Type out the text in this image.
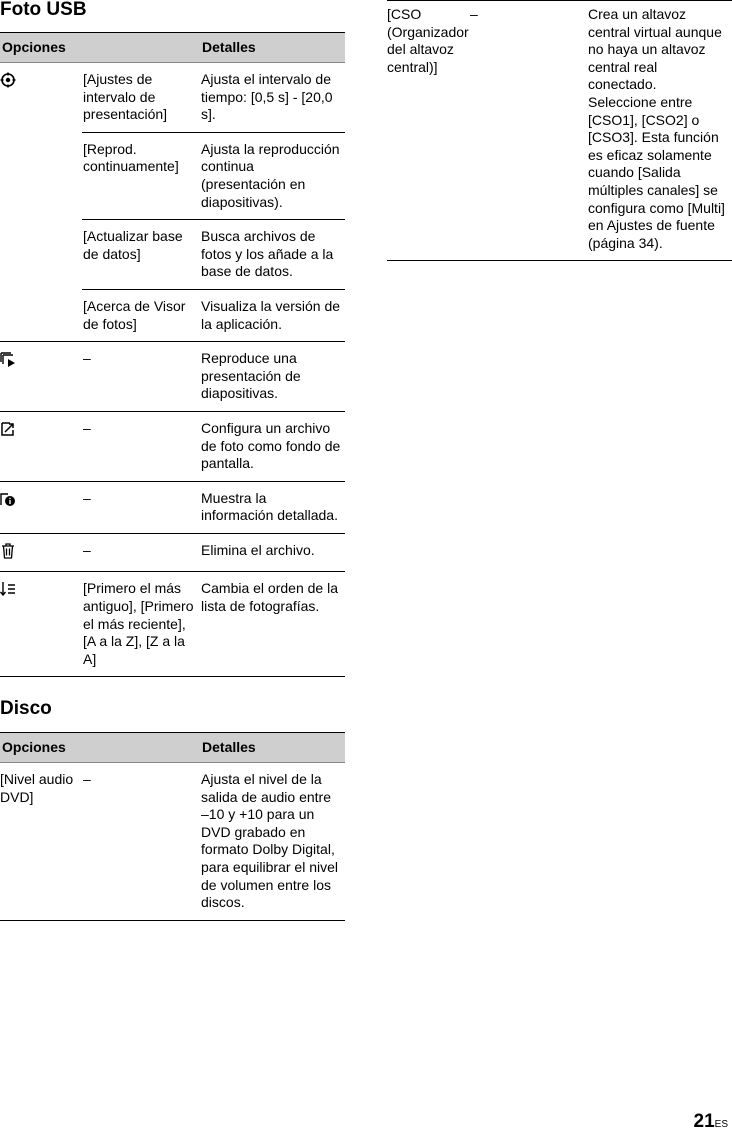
Foto USB
Opciones		Detalles

	[Ajustes de intervalo de presentación]	Ajusta el intervalo de tiempo: [0,5 s] - [20,0 s].
	[Reprod. continuamente]	Ajusta la reproducción continua (presentación en diapositivas).
	[Actualizar base de datos]	Busca archivos de fotos y los añade a la base de datos.
	[Acerca de Visor de fotos]	Visualiza la versión de la aplicación.

	–	Reproduce una presentación de diapositivas.

	–	Configura un archivo de foto como fondo de pantalla.

	–	Muestra la información detallada.

	–	Elimina el archivo.

	[Primero el más antiguo], [Primero el más reciente], [A a la Z], [Z a la A]	Cambia el orden de la lista de fotografías.
Disco
Opciones		Detalles
[Nivel audio DVD]	–	Ajusta el nivel de la salida de audio entre –10 y +10 para un DVD grabado en formato Dolby Digital, para equilibrar el nivel de volumen entre los discos.
[CSO (Organizador del altavoz central)]	–	Crea un altavoz central virtual aunque no haya un altavoz central real conectado. Seleccione entre [CSO1], [CSO2] o [CSO3]. Esta función es eficaz solamente cuando [Salida múltiples canales] se configura como [Multi] en Ajustes de fuente (página 34).
21ES
